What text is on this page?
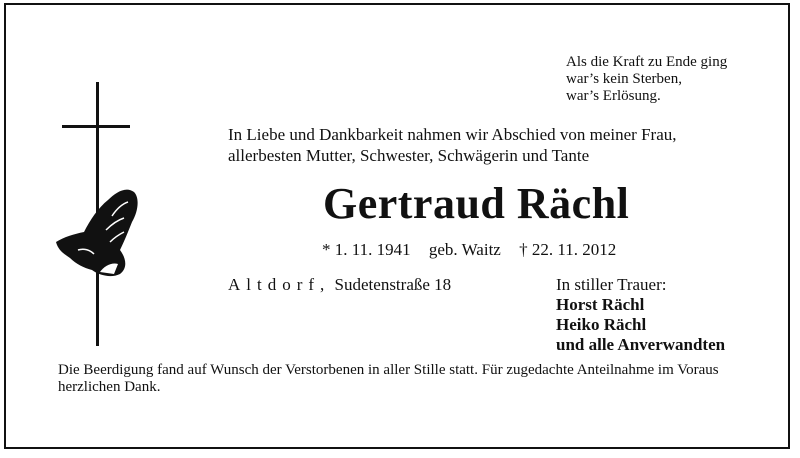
Als die Kraft zu Ende ging
war’s kein Sterben,
war’s Erlösung.
In Liebe und Dankbarkeit nahmen wir Abschied von meiner Frau,
allerbesten Mutter, Schwester, Schwägerin und Tante
Gertraud Rächl
* 1. 11. 1941 geb. Waitz † 22. 11. 2012
Altdorf, Sudetenstraße 18	In stiller Trauer:
Horst Rächl
Heiko Rächl
und alle Anverwandten
Die Beerdigung fand auf Wunsch der Verstorbenen in aller Stille statt. Für zugedachte Anteilnahme im Voraus herzlichen Dank.
